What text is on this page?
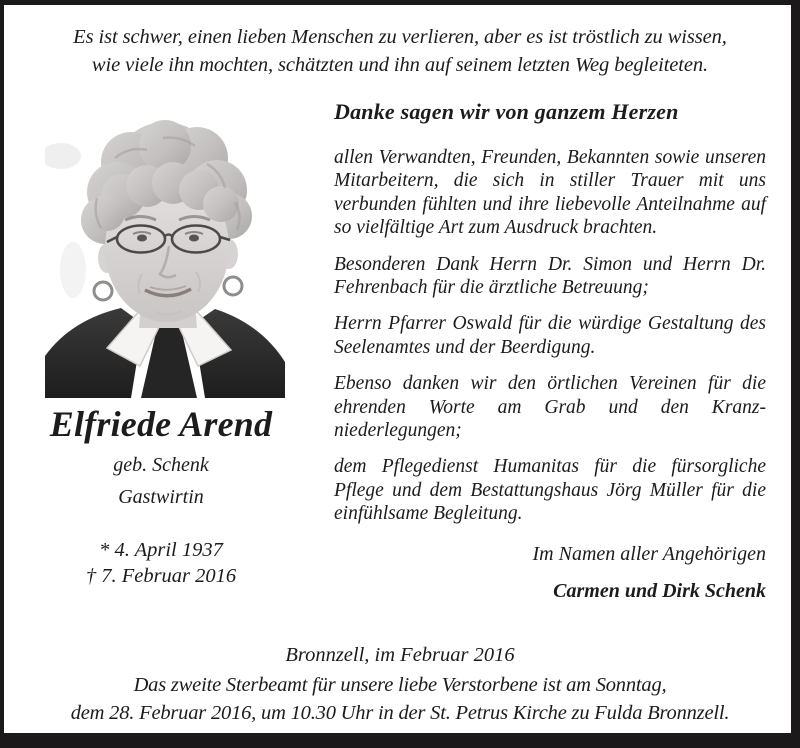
Es ist schwer, einen lieben Menschen zu verlieren, aber es ist tröstlich zu wissen,
wie viele ihn mochten, schätzten und ihn auf seinem letzten Weg begleiteten.
Elfriede Arend
geb. Schenk
Gastwirtin
* 4. April 1937
† 7. Februar 2016
Danke sagen wir von ganzem Herzen

allen Verwandten, Freunden, Bekannten sowie unseren Mitarbeitern, die sich in stiller Trauer mit uns verbunden fühlten und ihre liebevolle Anteilnahme auf so vielfältige Art zum Ausdruck brachten.

Besonderen Dank Herrn Dr. Simon und Herrn Dr. Fehrenbach für die ärztliche Betreuung;

Herrn Pfarrer Oswald für die würdige Gestaltung des Seelenamtes und der Beerdigung.

Ebenso danken wir den örtlichen Vereinen für die ehrenden Worte am Grab und den Kranzniederlegungen;

dem Pflegedienst Humanitas für die fürsorgliche Pflege und dem Bestattungshaus Jörg Müller für die einfühlsame Begleitung.

Im Namen aller Angehörigen
Carmen und Dirk Schenk
Bronnzell, im Februar 2016
Das zweite Sterbeamt für unsere liebe Verstorbene ist am Sonntag,
dem 28. Februar 2016, um 10.30 Uhr in der St. Petrus Kirche zu Fulda Bronnzell.
